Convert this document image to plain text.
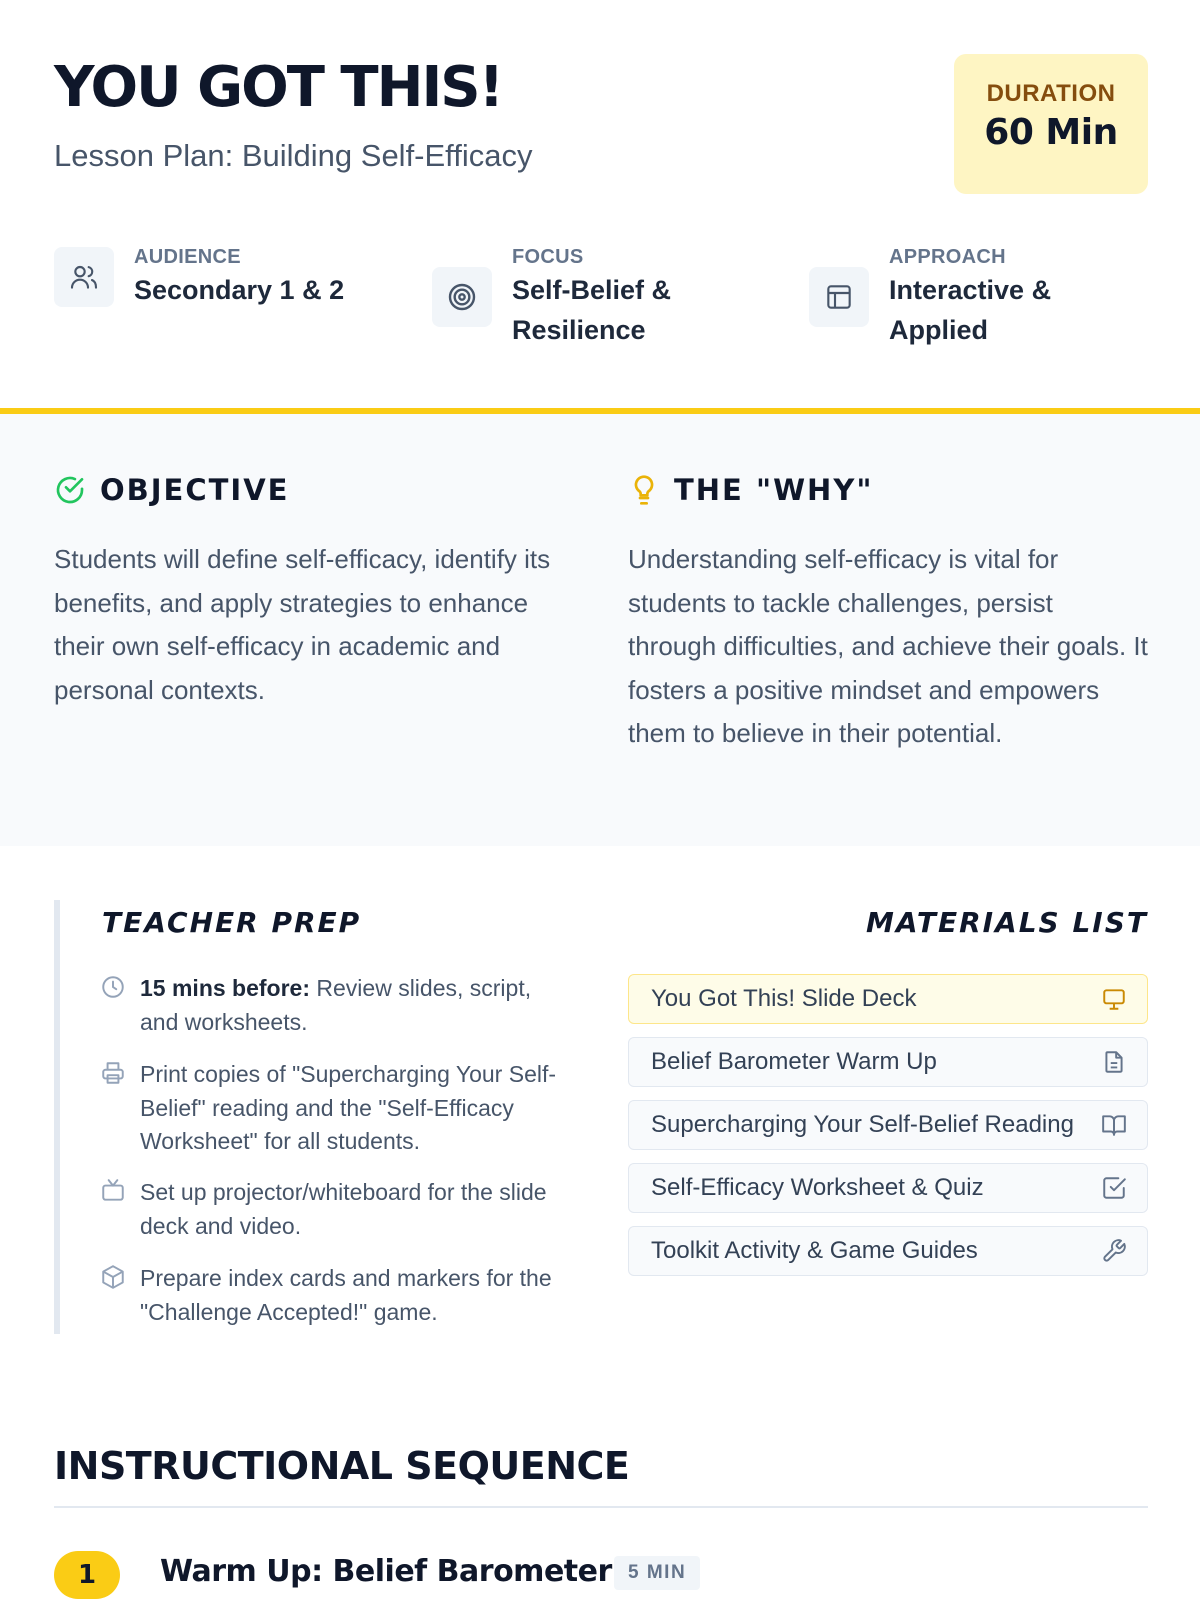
YOU GOT THIS!
Lesson Plan: Building Self-Efficacy
DURATION
60 Min
AUDIENCE
Secondary 1 & 2
FOCUS
Self-Belief & Resilience
APPROACH
Interactive & Applied
OBJECTIVE

Students will define self-efficacy, identify its benefits, and apply strategies to enhance their own self-efficacy in academic and personal contexts.

THE "WHY"

Understanding self-efficacy is vital for students to tackle challenges, persist through difficulties, and achieve their goals. It fosters a positive mindset and empowers them to believe in their potential.

TEACHER PREP
15 mins before: Review slides, script, and worksheets.
Print copies of "Supercharging Your Self-Belief" reading and the "Self-Efficacy Worksheet" for all students.
Set up projector/whiteboard for the slide deck and video.
Prepare index cards and markers for the "Challenge Accepted!" game.
MATERIALS LIST
You Got This! Slide Deck
Belief Barometer Warm Up
Supercharging Your Self-Belief Reading
Self-Efficacy Worksheet & Quiz
Toolkit Activity & Game Guides
INSTRUCTIONAL SEQUENCE
1	Warm Up: Belief Barometer 5 MIN
